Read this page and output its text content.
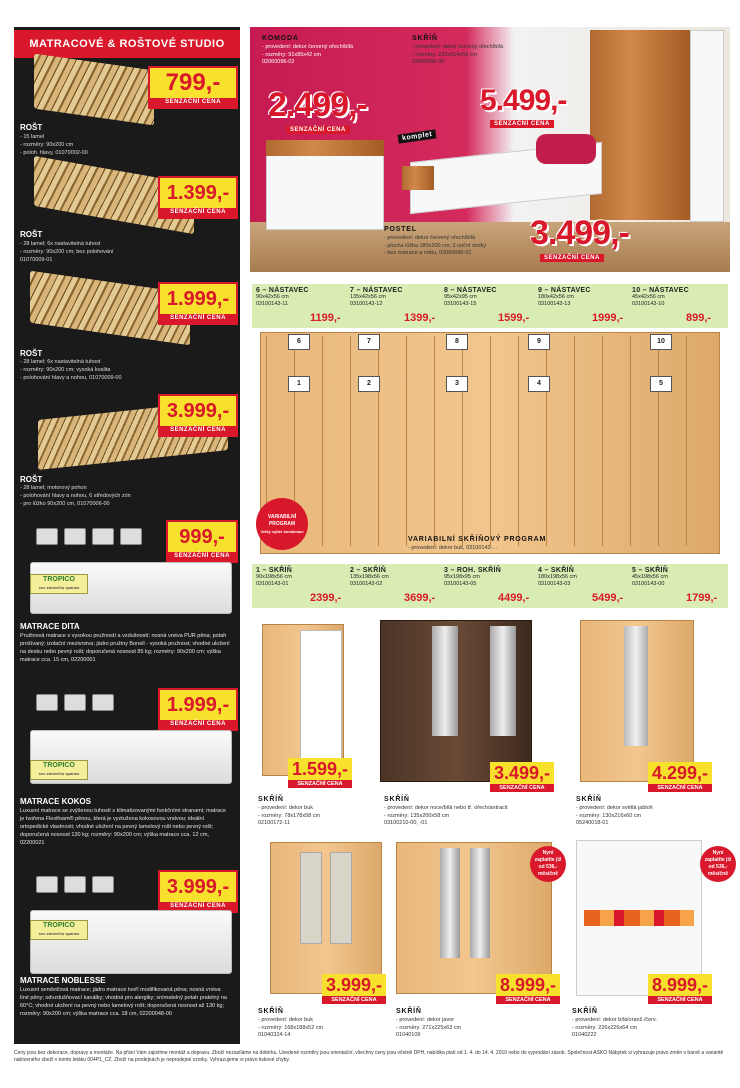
MATRACOVÉ & ROŠTOVÉ STUDIO
799,-
SENZAČNÍ CENA
ROŠT
- 15 lamel
- rozměry: 90x200 cm
- poloh. hlavy, 01070002-00
1.399,-
SENZAČNÍ CENA
ROŠT
- 28 lamel; 6x nastavitelná tuhost
- rozměry: 90x200 cm; bez polohování
01070009-01
1.999,-
SENZAČNÍ CENA
ROŠT
- 28 lamel; 6x nastavitelná tuhost
- rozměry: 90x200 cm; vysoká kvalita
- polohování hlavy a nohou, 01070009-00
3.999,-
SENZAČNÍ CENA
ROŠT
- 28 lamel; motorový pohon
- polohování hlavy a nohou, 6 středových zón
- pro lůžko 90x200 cm, 01070006-00
999,-
SENZAČNÍ CENA
TROPICO
sen zdravého spánku
MATRACE DITA
Pružinová matrace s vysokou pružností a vzdušností; nosná vrstva PUR pěna; potah prošívaný; izolační mezivrstva; jádro pružiny Bonell - vysoká pružnost; vhodné uložení na desku nebo pevný rošt; doporučená nosnost 85 kg; rozměry: 90x200 cm; výška matrace cca. 15 cm, 02200001
1.999,-
SENZAČNÍ CENA
TROPICO
sen zdravého spánku
MATRACE KOKOS
Luxusní matrace se zvýšenou tuhostí s klimatizovanými funkčními stranami; matrace je tvořena Flexifoam® pěnou, která je vyztužena kokosovou vrstvou; ideální ortopedické vlastnosti; vhodné uložení na pevný lamelový rošt nebo pevný rošt; doporučená nosnost 130 kg; rozměry: 90x200 cm; výška matrace cca. 12 cm, 02200021
3.999,-
SENZAČNÍ CENA
TROPICO
sen zdravého spánku
MATRACE NOBLESSE
Luxusní sendvičová matrace; jádro matrace tvoří modifikovaná pěna; nosná vrstva líné pěny; odvzdušňovací kanálky; vhodná pro alergiky; snímatelný potah pratelný na 60°C; vhodné uložení na pevný nebo lamelový rošt; doporučená nosnost až 130 kg; rozměry: 90x200 cm; výška matrace cca. 18 cm, 02200048-00
KOMODA
- provedení: dekor červený ořech/bílá
- rozměry: 91x85x42 cm
02060096-02
2.499,-
SENZAČNÍ CENA
SKŘÍŇ
- provedení: dekor červený ořech/bílá
- rozměry: 225x214x59 cm
02060096-00
5.499,-
SENZAČNÍ CENA
komplet
POSTEL
- provedení: dekor červený ořech/bílá
- plocha lůžka 180x200 cm; 2 noční stolky
- bez matrace a roštu, 02060096-01
3.499,-
SENZAČNÍ CENA
6 – NÁSTAVEC
90x42x56 cm
03100143-11
1199,-
7 – NÁSTAVEC
135x42x56 cm
03100143-12
1399,-
8 – NÁSTAVEC
95x42x95 cm
03100143-15
1599,-
9 – NÁSTAVEC
180x42x56 cm
03100143-13
1999,-
10 – NÁSTAVEC
45x42x56 cm
03100143-10
899,-
6	7	8	9	10
1	2	3	4	5
VARIABILNÍ
PROGRAM
Velký výběr kombinací
VARIABILNÍ SKŘÍŇOVÝ PROGRAM
- provedení: dekor buk, 03100143-...
1 – SKŘÍŇ
90x198x56 cm
03100143-01
2399,-
2 – SKŘÍŇ
135x198x56 cm
03100143-02
3699,-
3 – ROH. SKŘÍŇ
95x198x95 cm
03100143-05
4499,-
4 – SKŘÍŇ
180x198x56 cm
03100143-03
5499,-
5 – SKŘÍŇ
45x198x56 cm
03100143-00
1799,-
1.599,-
SENZAČNÍ CENA
SKŘÍŇ
- provedení: dekor buk
- rozměry: 78x178x58 cm
02100172-11
3.499,-
SENZAČNÍ CENA
SKŘÍŇ
- provedení: dekor noce/bílá nebo tř. ořech/antracit
- rozměry: 135x200x58 cm
03100210-00, -01
4.299,-
SENZAČNÍ CENA
SKŘÍŇ
- provedení: dekor světlá jabloň
- rozměry: 130x216x60 cm
05240018-01
3.999,-
SENZAČNÍ CENA
SKŘÍŇ
- provedení: dekor buk
- rozměry: 168x188x52 cm
01040324-14
Nyní
zaplatíte již
od 536,-
měsíčně
8.999,-
SENZAČNÍ CENA
SKŘÍŇ
- provedení: dekor javor
- rozměry: 271x225x63 cm
01040109
Nyní
zaplatíte již
od 536,-
měsíčně
8.999,-
SENZAČNÍ CENA
SKŘÍŇ
- provedení: dekor bílá/oranž./červ.
- rozměry: 226x226x64 cm
01040222
Ceny jsou bez dekorace, dopravy a montáže. Na přání Vám zajistíme montáž a dopravu. Zboží nezasíláme na dobírku. Uvedené rozměry jsou orientační, všechny ceny jsou včetně DPH, nabídka platí od 1. 4. do 14. 4. 2010 nebo do vyprodání zásob. Společnost ASKO Nábytek si vyhrazuje právo změn v barvě a variantě nabízeného zboží v tomto letáku 004P1_CZ. Zboží na prodejnách je neprodejné vzorky. Vyhrazujeme si právo tiskové chyby.
